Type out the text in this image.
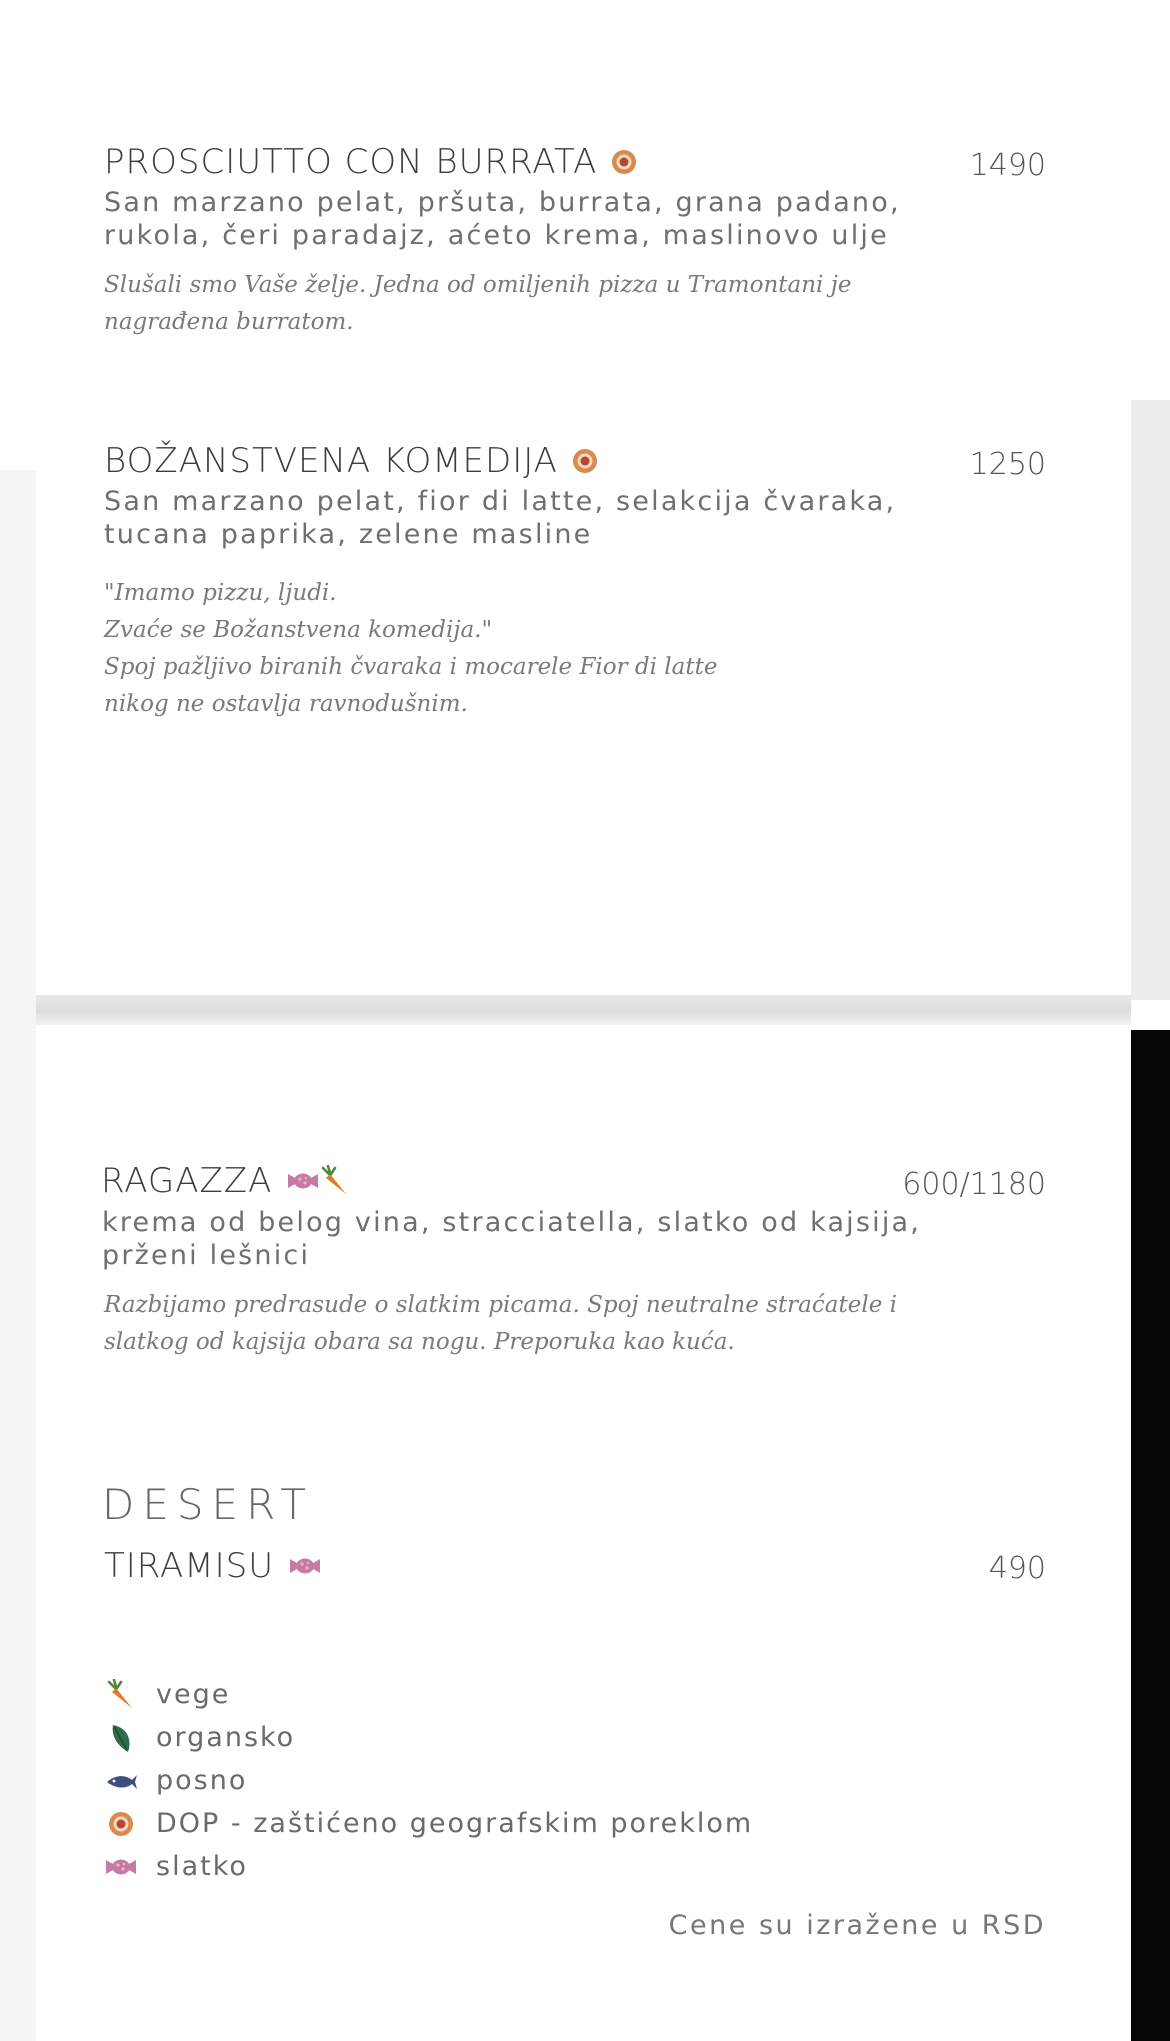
PROSCIUTTO CON BURRATA	1490
San marzano pelat, pršuta, burrata, grana padano,
rukola, čeri paradajz, aćeto krema, maslinovo ulje
Slušali smo Vaše želje. Jedna od omiljenih pizza u Tramontani je
nagrađena burratom.
BOŽANSTVENA KOMEDIJA	1250
San marzano pelat, fior di latte, selakcija čvaraka,
tucana paprika, zelene masline
"Imamo pizzu, ljudi.
Zvaće se Božanstvena komedija."
Spoj pažljivo biranih čvaraka i mocarele Fior di latte
nikog ne ostavlja ravnodušnim.
RAGAZZA	600/1180
krema od belog vina, stracciatella, slatko od kajsija,
prženi lešnici
Razbijamo predrasude o slatkim picama. Spoj neutralne straćatele i
slatkog od kajsija obara sa nogu. Preporuka kao kuća.
DESERT
TIRAMISU	490
vege
organsko
posno
DOP - zaštićeno geografskim poreklom
slatko
Cene su izražene u RSD
